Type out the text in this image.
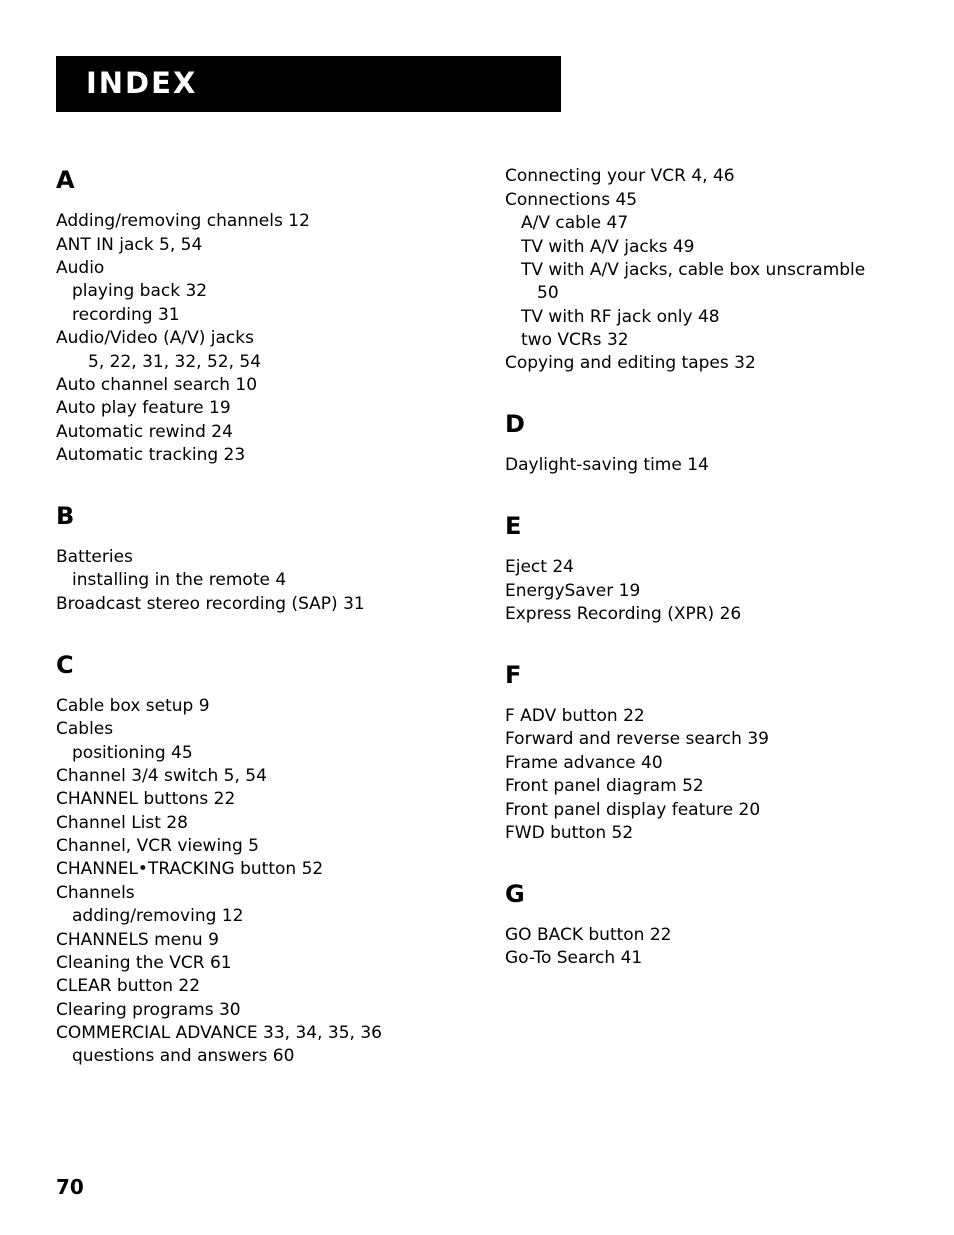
INDEX
A
Adding/removing channels 12
ANT IN jack 5, 54
Audio
playing back 32
recording 31
Audio/Video (A/V) jacks
5, 22, 31, 32, 52, 54
Auto channel search 10
Auto play feature 19
Automatic rewind 24
Automatic tracking 23
B
Batteries
installing in the remote 4
Broadcast stereo recording (SAP) 31
C
Cable box setup 9
Cables
positioning 45
Channel 3/4 switch 5, 54
CHANNEL buttons 22
Channel List 28
Channel, VCR viewing 5
CHANNEL•TRACKING button 52
Channels
adding/removing 12
CHANNELS menu 9
Cleaning the VCR 61
CLEAR button 22
Clearing programs 30
COMMERCIAL ADVANCE 33, 34, 35, 36
questions and answers 60
Connecting your VCR 4, 46
Connections 45
A/V cable 47
TV with A/V jacks 49
TV with A/V jacks, cable box unscramble
50
TV with RF jack only 48
two VCRs 32
Copying and editing tapes 32
D
Daylight-saving time 14
E
Eject 24
EnergySaver 19
Express Recording (XPR) 26
F
F ADV button 22
Forward and reverse search 39
Frame advance 40
Front panel diagram 52
Front panel display feature 20
FWD button 52
G
GO BACK button 22
Go-To Search 41
70
